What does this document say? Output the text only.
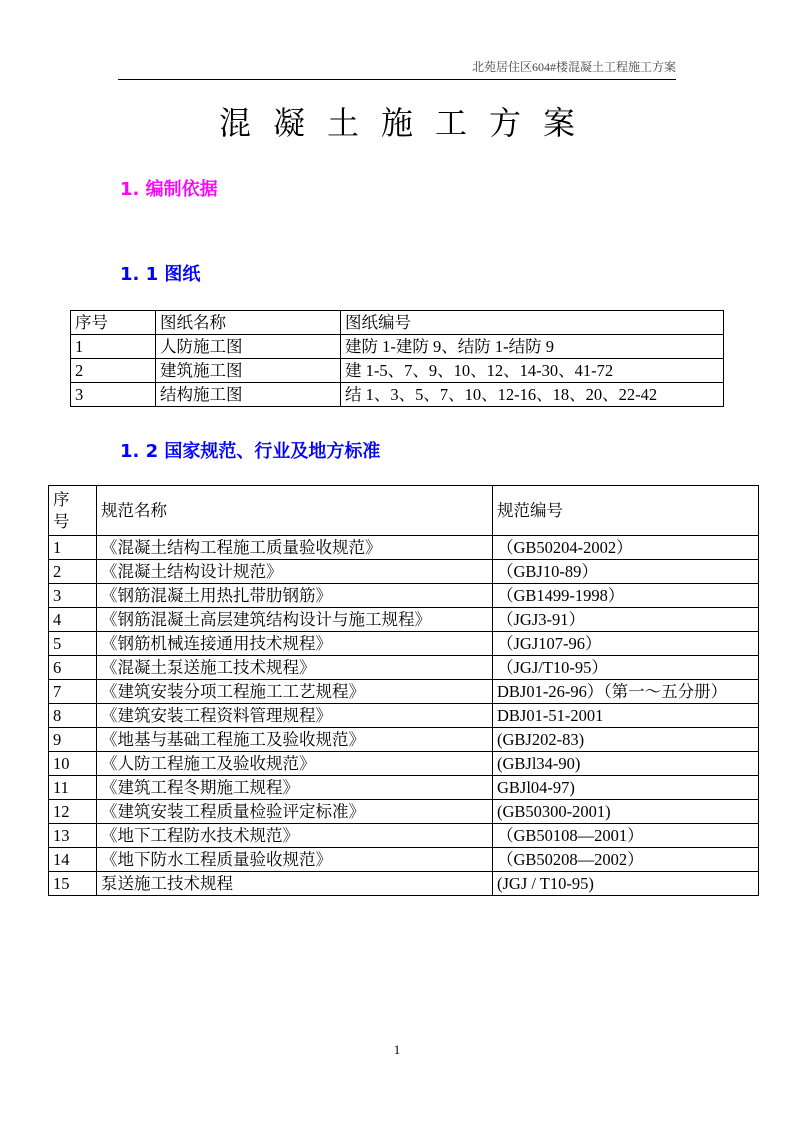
北苑居住区604#楼混凝土工程施工方案
混凝土施工方案
1. 编制依据
1. 1 图纸
序号	图纸名称	图纸编号
1	人防施工图	建防 1-建防 9、结防 1-结防 9
2	建筑施工图	建 1-5、7、9、10、12、14-30、41-72
3	结构施工图	结 1、3、5、7、10、12-16、18、20、22-42
1. 2 国家规范、行业及地方标准
序号	规范名称	规范编号
1	《混凝土结构工程施工质量验收规范》	（GB50204-2002）
2	《混凝土结构设计规范》	（GBJ10-89）
3	《钢筋混凝土用热扎带肋钢筋》	（GB1499-1998）
4	《钢筋混凝土高层建筑结构设计与施工规程》	（JGJ3-91）
5	《钢筋机械连接通用技术规程》	（JGJ107-96）
6	《混凝土泵送施工技术规程》	（JGJ/T10-95）
7	《建筑安装分项工程施工工艺规程》	DBJ01-26-96）（第一～五分册）
8	《建筑安装工程资料管理规程》	DBJ01-51-2001
9	《地基与基础工程施工及验收规范》	(GBJ202-83)
10	《人防工程施工及验收规范》	(GBJl34-90)
11	《建筑工程冬期施工规程》	GBJl04-97)
12	《建筑安装工程质量检验评定标准》	(GB50300-2001)
13	《地下工程防水技术规范》	（GB50108—2001）
14	《地下防水工程质量验收规范》	（GB50208—2002）
15	泵送施工技术规程	(JGJ / T10-95)
1
